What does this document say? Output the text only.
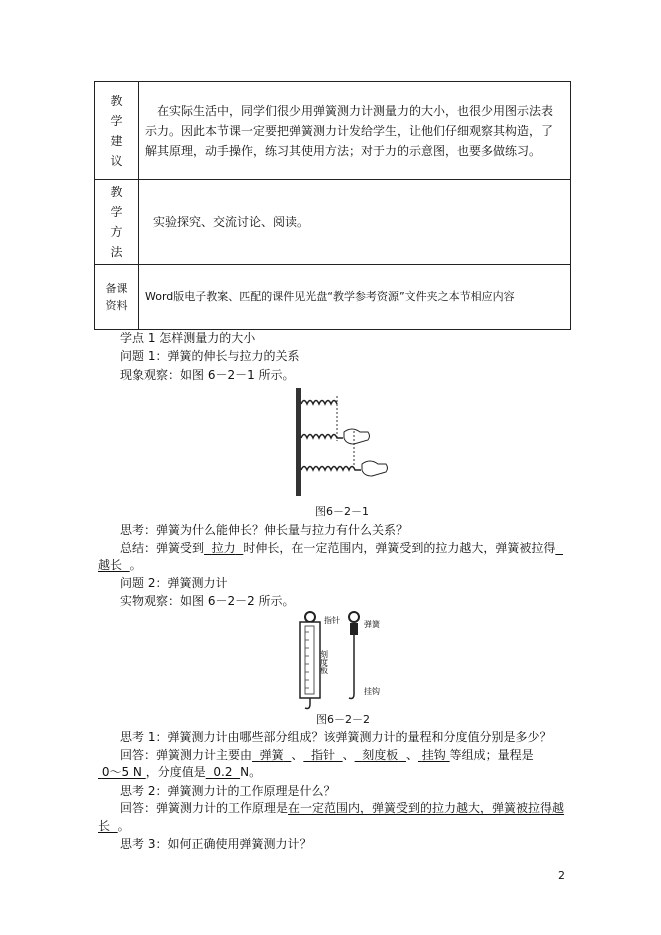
教学建议	在实际生活中，同学们很少用弹簧测力计测量力的大小，也很少用图示法表示力。因此本节课一定要把弹簧测力计发给学生，让他们仔细观察其构造，了解其原理，动手操作，练习其使用方法；对于力的示意图，也要多做练习。

教学方法	实验探究、交流讨论、阅读。

备课资料	Word版电子教案、匹配的课件见光盘“教学参考资源”文件夹之本节相应内容
学点 1 怎样测量力的大小
问题 1：弹簧的伸长与拉力的关系
现象观察：如图 6－2－1 所示。
图6－2－1
思考：弹簧为什么能伸长？伸长量与拉力有什么关系？
总结：弹簧受到 拉力 时伸长，在一定范围内，弹簧受到的拉力越大，弹簧被拉得
越长 。
问题 2：弹簧测力计
实物观察：如图 6－2－2 所示。
指针	弹簧
刻度板
挂钩
图6－2－2
思考 1：弹簧测力计由哪些部分组成？该弹簧测力计的量程和分度值分别是多少？
回答：弹簧测力计主要由 弹簧 、 指针 、 刻度板 、 挂钩 等组成；量程是
0～5 N ，分度值是 0.2 N。
思考 2：弹簧测力计的工作原理是什么？
回答：弹簧测力计的工作原理是在一定范围内，弹簧受到的拉力越大，弹簧被拉得越
长 。
思考 3：如何正确使用弹簧测力计？
2
